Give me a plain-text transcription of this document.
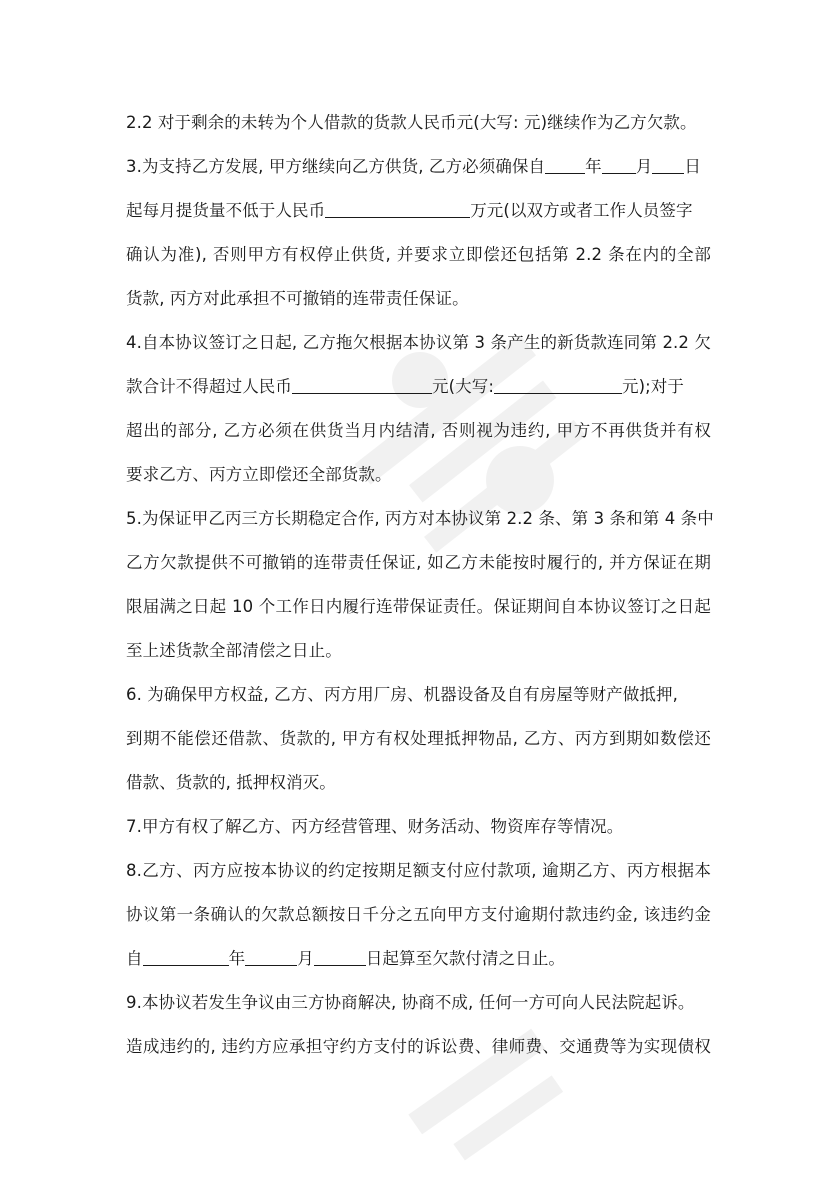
2.2 对于剩余的未转为个人借款的货款人民币元(大写: 元)继续作为乙方欠款。
3.为支持乙方发展, 甲方继续向乙方供货, 乙方必须确保自 年 月 日
起每月提货量不低于人民币	万元(以双方或者工作人员签字
确认为准), 否则甲方有权停止供货, 并要求立即偿还包括第 2.2 条在内的全部
货款, 丙方对此承担不可撤销的连带责任保证。
4.自本协议签订之日起, 乙方拖欠根据本协议第 3 条产生的新货款连同第 2.2 欠
款合计不得超过人民币	元(大写:	元);对于
超出的部分, 乙方必须在供货当月内结清, 否则视为违约, 甲方不再供货并有权
要求乙方、丙方立即偿还全部货款。
5.为保证甲乙丙三方长期稳定合作, 丙方对本协议第 2.2 条、第 3 条和第 4 条中
乙方欠款提供不可撤销的连带责任保证, 如乙方未能按时履行的, 并方保证在期
限届满之日起 10 个工作日内履行连带保证责任。保证期间自本协议签订之日起
至上述货款全部清偿之日止。
6. 为确保甲方权益, 乙方、丙方用厂房、机器设备及自有房屋等财产做抵押,
到期不能偿还借款、货款的, 甲方有权处理抵押物品, 乙方、丙方到期如数偿还
借款、货款的, 抵押权消灭。
7.甲方有权了解乙方、丙方经营管理、财务活动、物资库存等情况。
8.乙方、丙方应按本协议的约定按期足额支付应付款项, 逾期乙方、丙方根据本
协议第一条确认的欠款总额按日千分之五向甲方支付逾期付款违约金, 该违约金
自	年	月	日起算至欠款付清之日止。
9.本协议若发生争议由三方协商解决, 协商不成, 任何一方可向人民法院起诉。
造成违约的, 违约方应承担守约方支付的诉讼费、律师费、交通费等为实现债权
